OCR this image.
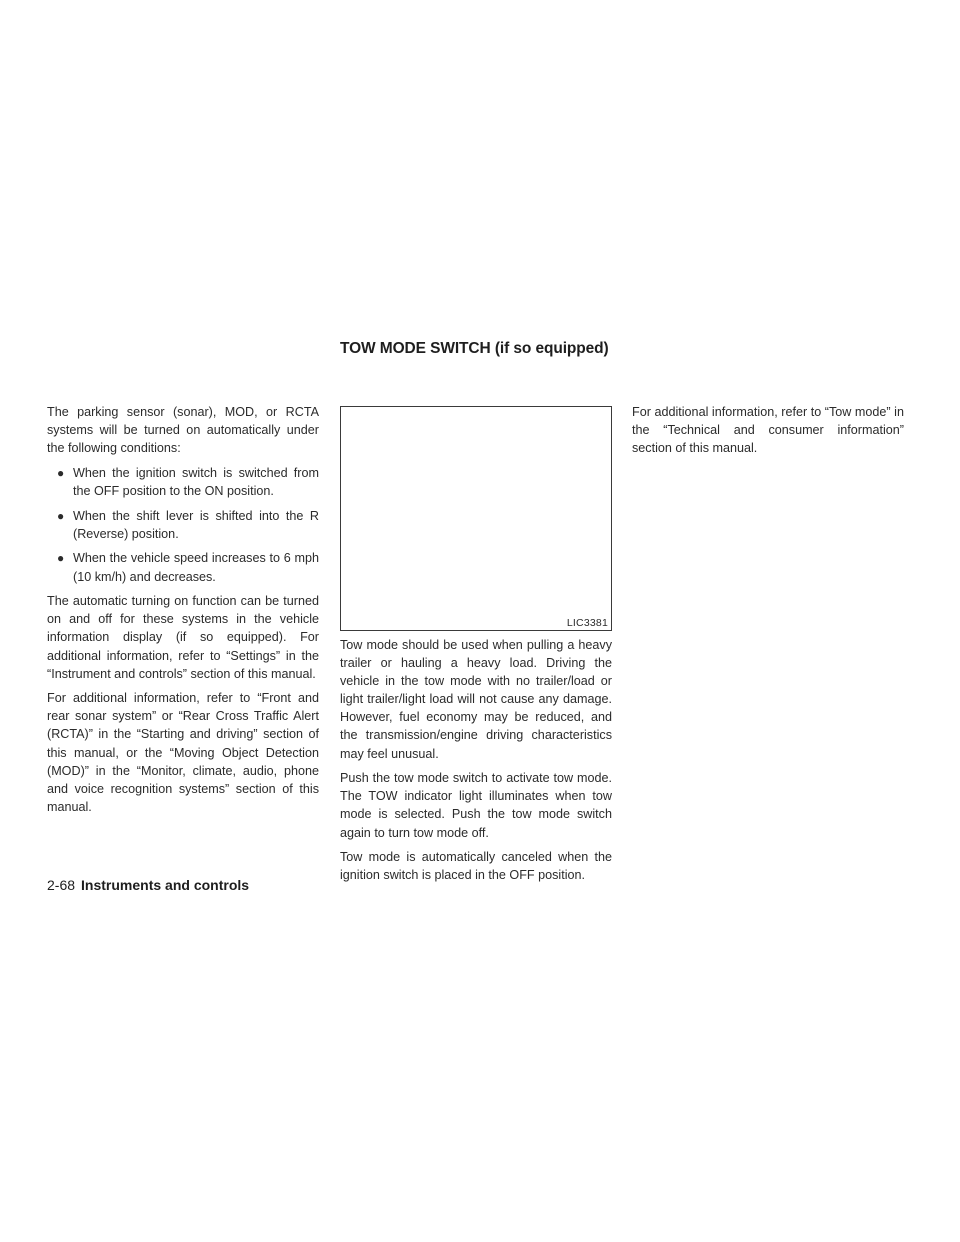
TOW MODE SWITCH (if so equipped)

The parking sensor (sonar), MOD, or RCTA systems will be turned on automatically under the following conditions:

● When the ignition switch is switched from the OFF position to the ON position.
● When the shift lever is shifted into the R (Reverse) position.
● When the vehicle speed increases to 6 mph (10 km/h) and decreases.

The automatic turning on function can be turned on and off for these systems in the vehicle information display (if so equipped). For additional information, refer to “Settings” in the “Instrument and controls” section of this manual.

For additional information, refer to “Front and rear sonar system” or “Rear Cross Traffic Alert (RCTA)” in the “Starting and driving” section of this manual, or the “Moving Object Detection (MOD)” in the “Monitor, climate, audio, phone and voice recognition systems” section of this manual.

LIC3381

Tow mode should be used when pulling a heavy trailer or hauling a heavy load. Driving the vehicle in the tow mode with no trailer/load or light trailer/light load will not cause any damage. However, fuel economy may be reduced, and the transmission/engine driving characteristics may feel unusual.

Push the tow mode switch to activate tow mode. The TOW indicator light illuminates when tow mode is selected. Push the tow mode switch again to turn tow mode off.

Tow mode is automatically canceled when the ignition switch is placed in the OFF position.

For additional information, refer to “Tow mode” in the “Technical and consumer information” section of this manual.

2-68 Instruments and controls
